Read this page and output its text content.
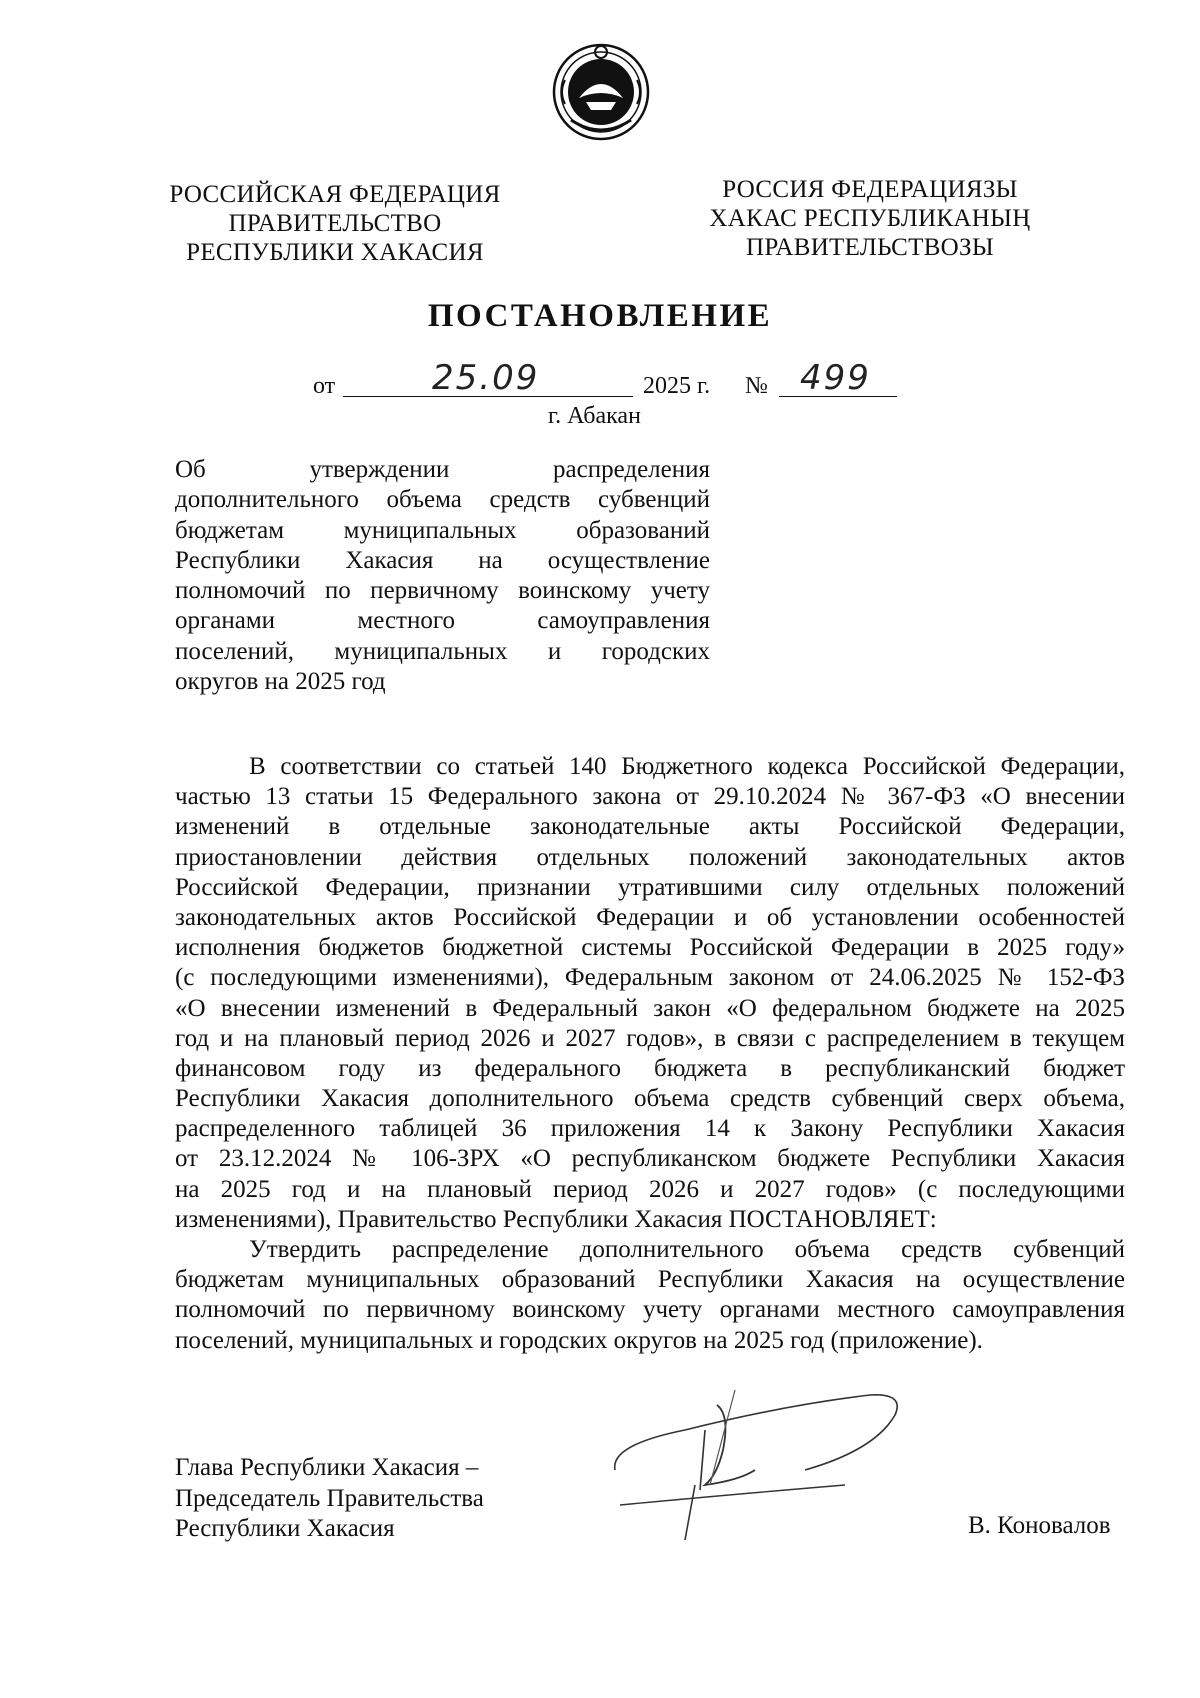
РОССИЙСКАЯ ФЕДЕРАЦИЯ
ПРАВИТЕЛЬСТВО
РЕСПУБЛИКИ ХАКАСИЯ
РОССИЯ ФЕДЕРАЦИЯЗЫ
ХАКАС РЕСПУБЛИКАНЫҢ
ПРАВИТЕЛЬСТВОЗЫ
ПОСТАНОВЛЕНИЕ
от	25.09	2025 г. № 499
г. Абакан
Об утверждении распределения
дополнительного объема средств субвенций
бюджетам муниципальных образований
Республики Хакасия на осуществление
полномочий по первичному воинскому учету
органами местного самоуправления
поселений, муниципальных и городских
округов на 2025 год
В соответствии со статьей 140 Бюджетного кодекса Российской Федерации,
частью 13 статьи 15 Федерального закона от 29.10.2024 № 367-ФЗ «О внесении
изменений в отдельные законодательные акты Российской Федерации,
приостановлении действия отдельных положений законодательных актов
Российской Федерации, признании утратившими силу отдельных положений
законодательных актов Российской Федерации и об установлении особенностей
исполнения бюджетов бюджетной системы Российской Федерации в 2025 году»
(с последующими изменениями), Федеральным законом от 24.06.2025 № 152-ФЗ
«О внесении изменений в Федеральный закон «О федеральном бюджете на 2025
год и на плановый период 2026 и 2027 годов», в связи с распределением в текущем
финансовом году из федерального бюджета в республиканский бюджет
Республики Хакасия дополнительного объема средств субвенций сверх объема,
распределенного таблицей 36 приложения 14 к Закону Республики Хакасия
от 23.12.2024 № 106-ЗРХ «О республиканском бюджете Республики Хакасия
на 2025 год и на плановый период 2026 и 2027 годов» (с последующими
изменениями), Правительство Республики Хакасия ПОСТАНОВЛЯЕТ:
Утвердить распределение дополнительного объема средств субвенций
бюджетам муниципальных образований Республики Хакасия на осуществление
полномочий по первичному воинскому учету органами местного самоуправления
поселений, муниципальных и городских округов на 2025 год (приложение).
Глава Республики Хакасия –
Председатель Правительства
Республики Хакасия	В. Коновалов
